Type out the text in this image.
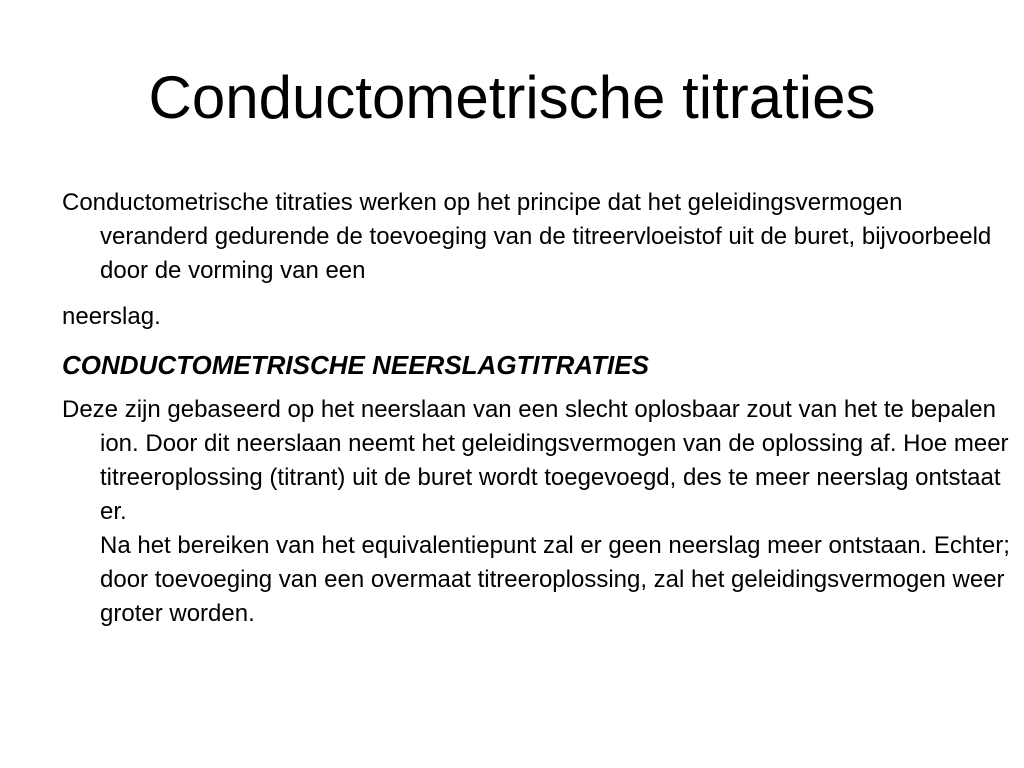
Conductometrische titraties

Conductometrische titraties werken op het principe dat het geleidingsvermogen veranderd gedurende de toevoeging van de titreervloeistof uit de buret, bijvoorbeeld door de vorming van een
neerslag.

CONDUCTOMETRISCHE NEERSLAGTITRATIES

Deze zijn gebaseerd op het neerslaan van een slecht oplosbaar zout van het te bepalen ion. Door dit neerslaan neemt het geleidingsvermogen van de oplossing af. Hoe meer titreeroplossing (titrant) uit de buret wordt toegevoegd, des te meer neerslag ontstaat er.
Na het bereiken van het equivalentiepunt zal er geen neerslag meer ontstaan. Echter; door toevoeging van een overmaat titreeroplossing, zal het geleidingsvermogen weer groter worden.
